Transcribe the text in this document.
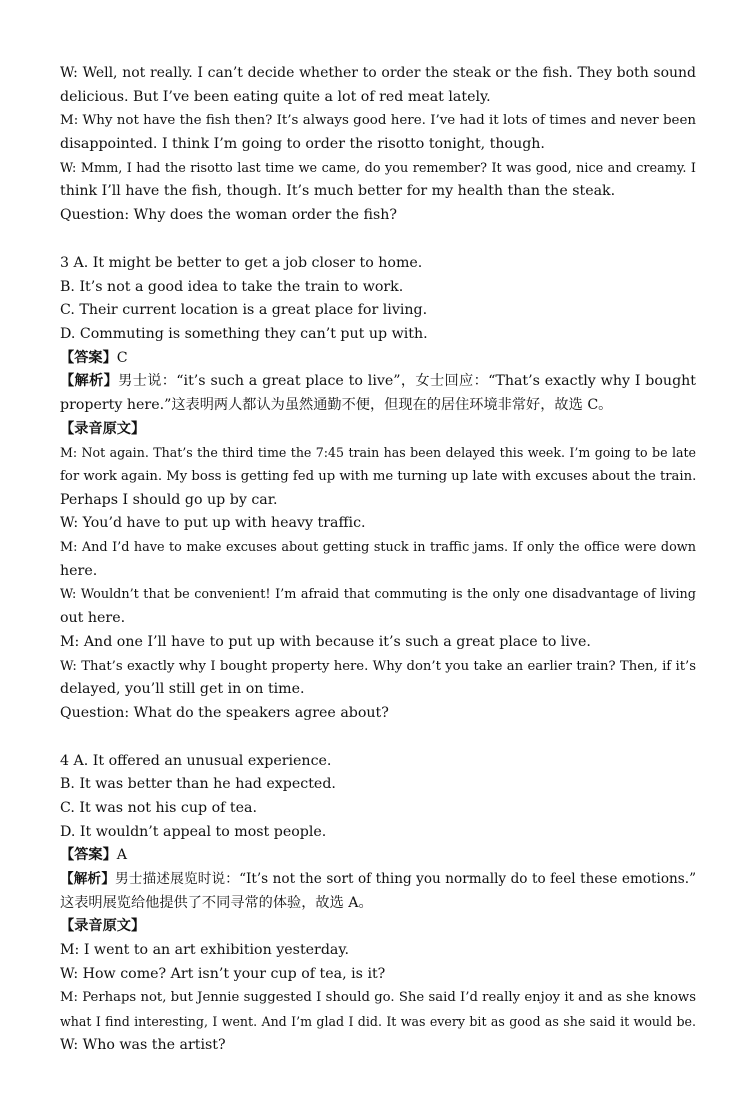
W: Well, not really. I can’t decide whether to order the steak or the fish. They both sound
delicious. But I’ve been eating quite a lot of red meat lately.
M: Why not have the fish then? It’s always good here. I’ve had it lots of times and never been
disappointed. I think I’m going to order the risotto tonight, though.
W: Mmm, I had the risotto last time we came, do you remember? It was good, nice and creamy. I
think I’ll have the fish, though. It’s much better for my health than the steak.
Question: Why does the woman order the fish?
3 A. It might be better to get a job closer to home.
B. It’s not a good idea to take the train to work.
C. Their current location is a great place for living.
D. Commuting is something they can’t put up with.
【答案】C
【解析】男士说：“it’s such a great place to live”，女士回应：“That’s exactly why I bought
property here.”这表明两人都认为虽然通勤不便，但现在的居住环境非常好，故选 C。
【录音原文】
M: Not again. That’s the third time the 7:45 train has been delayed this week. I’m going to be late
for work again. My boss is getting fed up with me turning up late with excuses about the train.
Perhaps I should go up by car.
W: You’d have to put up with heavy traffic.
M: And I’d have to make excuses about getting stuck in traffic jams. If only the office were down
here.
W: Wouldn’t that be convenient! I’m afraid that commuting is the only one disadvantage of living
out here.
M: And one I’ll have to put up with because it’s such a great place to live.
W: That’s exactly why I bought property here. Why don’t you take an earlier train? Then, if it’s
delayed, you’ll still get in on time.
Question: What do the speakers agree about?
4 A. It offered an unusual experience.
B. It was better than he had expected.
C. It was not his cup of tea.
D. It wouldn’t appeal to most people.
【答案】A
【解析】男士描述展览时说：“It’s not the sort of thing you normally do to feel these emotions.”
这表明展览给他提供了不同寻常的体验，故选 A。
【录音原文】
M: I went to an art exhibition yesterday.
W: How come? Art isn’t your cup of tea, is it?
M: Perhaps not, but Jennie suggested I should go. She said I’d really enjoy it and as she knows
what I find interesting, I went. And I’m glad I did. It was every bit as good as she said it would be.
W: Who was the artist?
